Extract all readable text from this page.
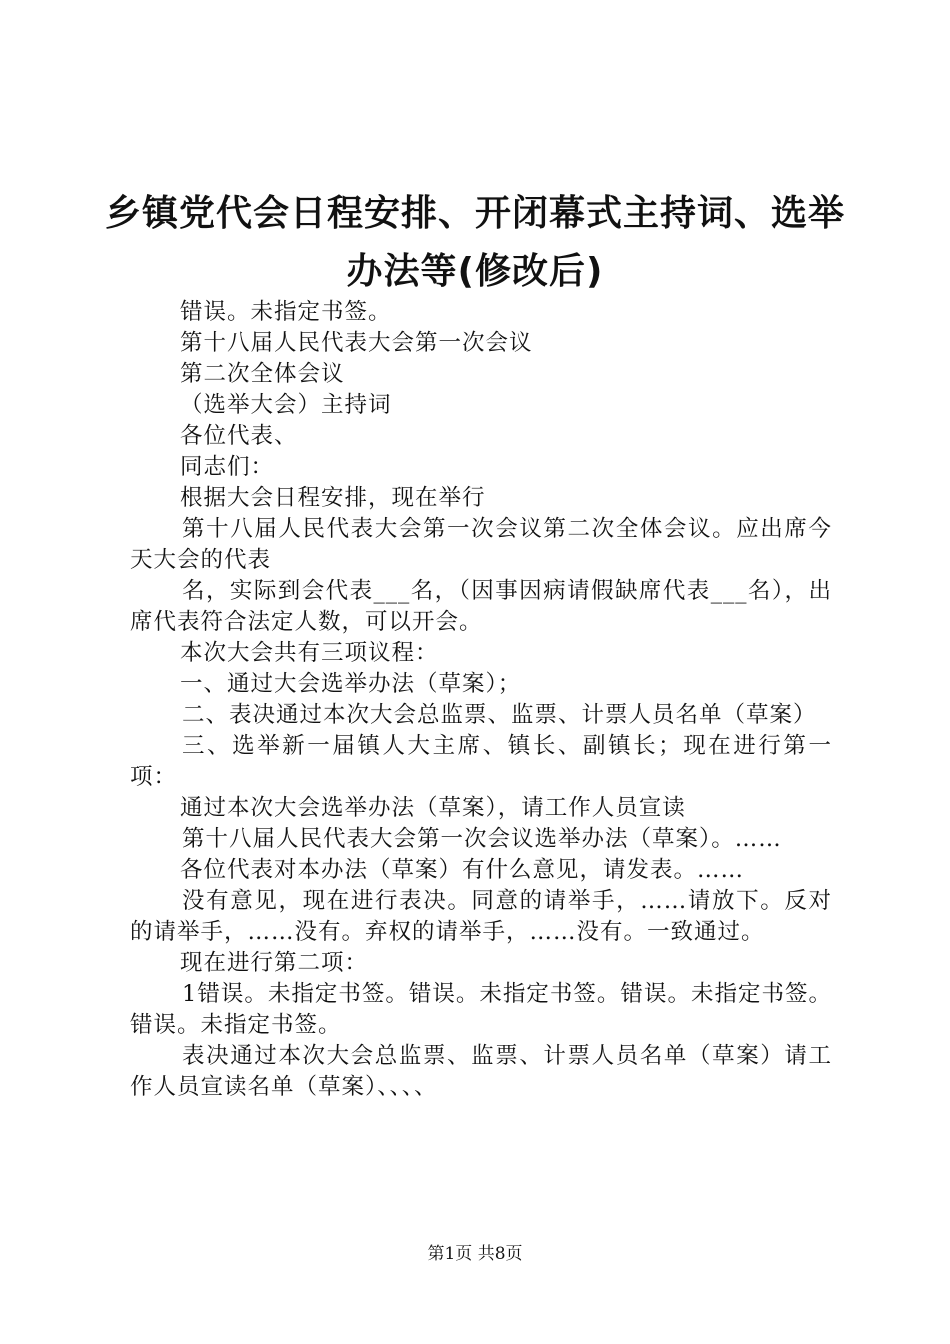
乡镇党代会日程安排、开闭幕式主持词、选举
办法等(修改后)
错误。未指定书签。
第十八届人民代表大会第一次会议
第二次全体会议
（选举大会）主持词
各位代表、
同志们：
根据大会日程安排，现在举行
第十八届人民代表大会第一次会议第二次全体会议。应出席今天大会的代表
名，实际到会代表___名，（因事因病请假缺席代表___名），出席代表符合法定人数，可以开会。
本次大会共有三项议程：
一、通过大会选举办法（草案）；
二、表决通过本次大会总监票、监票、计票人员名单（草案）
三、选举新一届镇人大主席、镇长、副镇长；现在进行第一项：
通过本次大会选举办法（草案），请工作人员宣读
第十八届人民代表大会第一次会议选举办法（草案）。……
各位代表对本办法（草案）有什么意见，请发表。……
没有意见，现在进行表决。同意的请举手，……请放下。反对的请举手，……没有。弃权的请举手，……没有。一致通过。
现在进行第二项：
1错误。未指定书签。错误。未指定书签。错误。未指定书签。错误。未指定书签。
表决通过本次大会总监票、监票、计票人员名单（草案）请工作人员宣读名单（草案）、、、、
第1页 共8页
